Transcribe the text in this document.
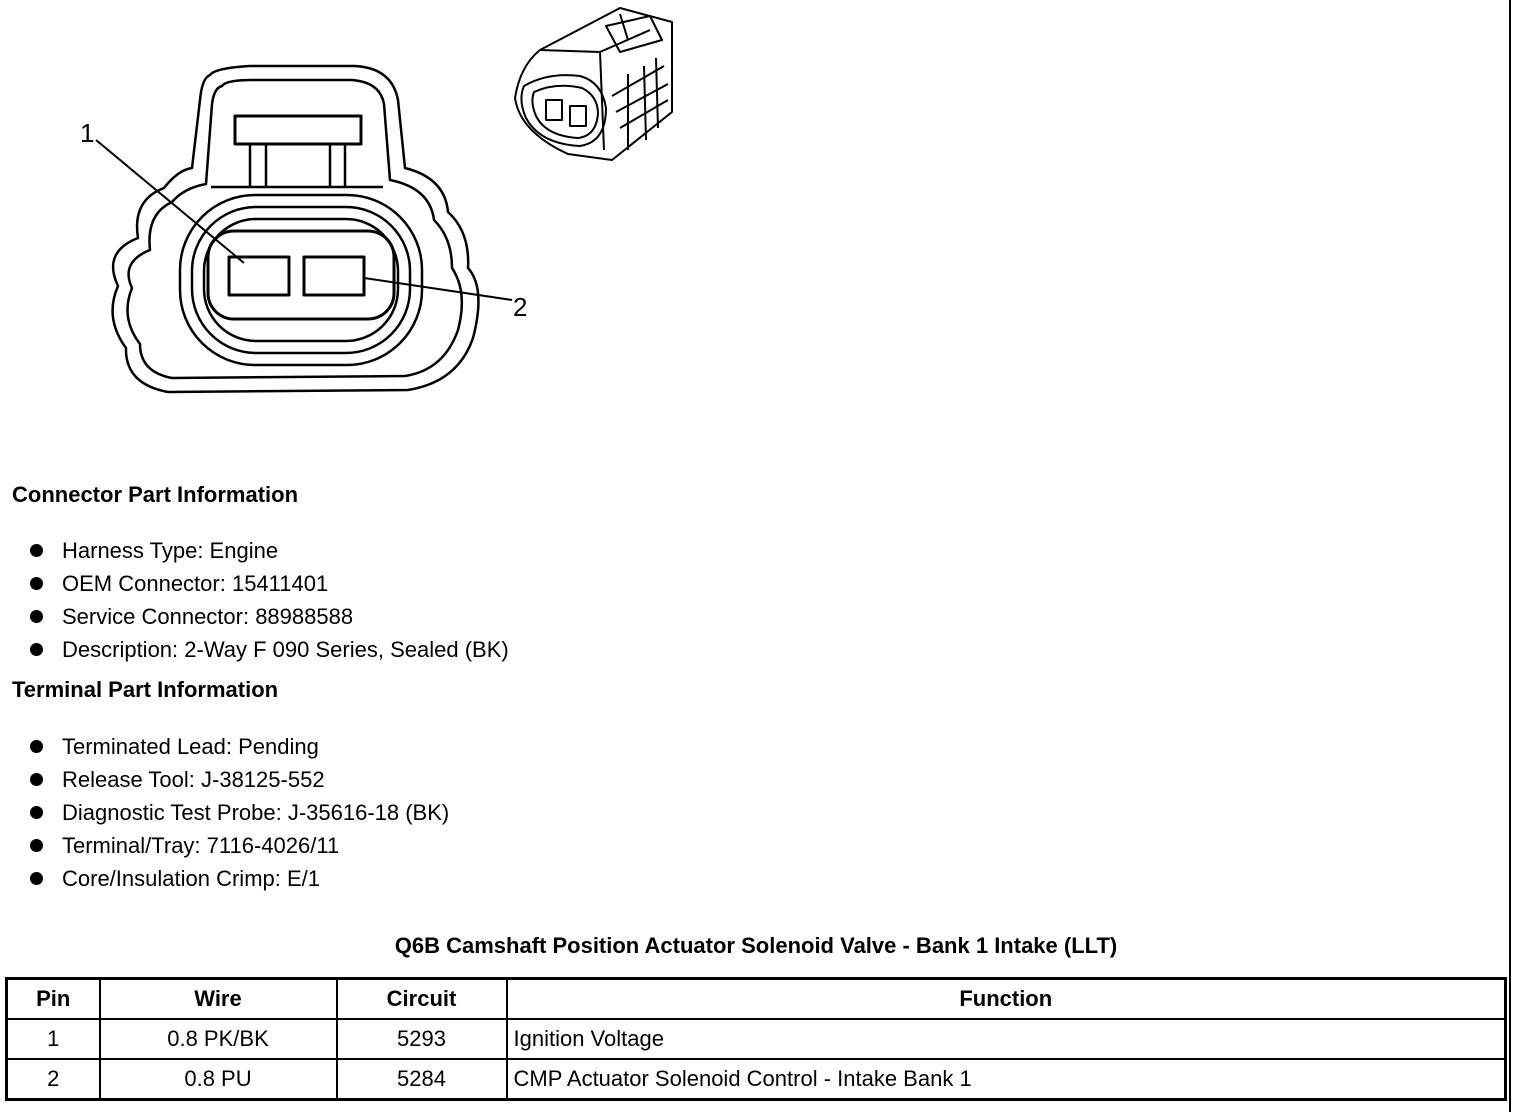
1
2
Connector Part Information
Harness Type: Engine
OEM Connector: 15411401
Service Connector: 88988588
Description: 2-Way F 090 Series, Sealed (BK)
Terminal Part Information
Terminated Lead: Pending
Release Tool: J-38125-552
Diagnostic Test Probe: J-35616-18 (BK)
Terminal/Tray: 7116-4026/11
Core/Insulation Crimp: E/1
Q6B Camshaft Position Actuator Solenoid Valve - Bank 1 Intake (LLT)
Pin	Wire	Circuit	Function
1	0.8 PK/BK	5293	Ignition Voltage
2	0.8 PU	5284	CMP Actuator Solenoid Control - Intake Bank 1
